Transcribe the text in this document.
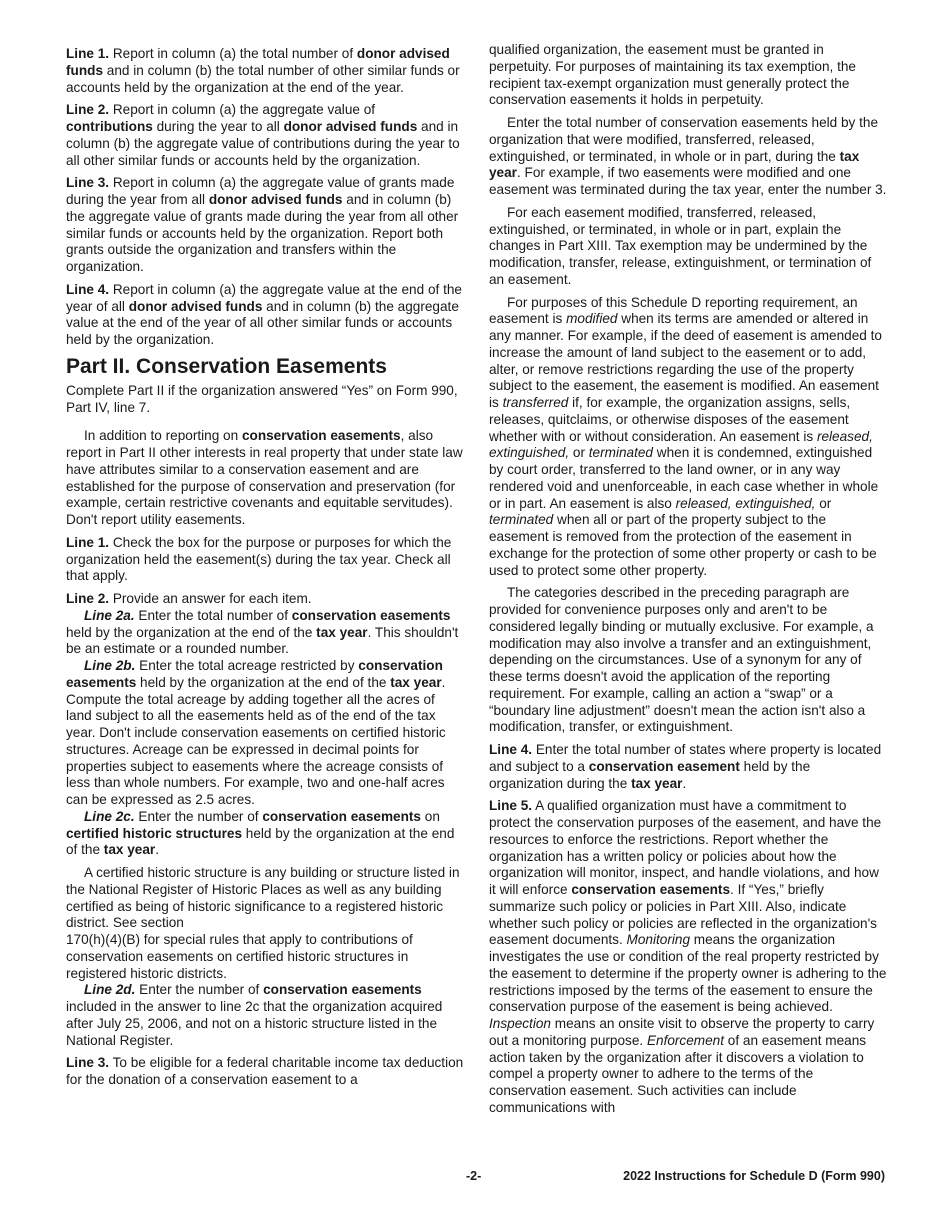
Line 1. Report in column (a) the total number of donor advised funds and in column (b) the total number of other similar funds or accounts held by the organization at the end of the year.

Line 2. Report in column (a) the aggregate value of contributions during the year to all donor advised funds and in column (b) the aggregate value of contributions during the year to all other similar funds or accounts held by the organization.

Line 3. Report in column (a) the aggregate value of grants made during the year from all donor advised funds and in column (b) the aggregate value of grants made during the year from all other similar funds or accounts held by the organization. Report both grants outside the organization and transfers within the organization.

Line 4. Report in column (a) the aggregate value at the end of the year of all donor advised funds and in column (b) the aggregate value at the end of the year of all other similar funds or accounts held by the organization.

Part II. Conservation Easements

Complete Part II if the organization answered “Yes” on Form 990, Part IV, line 7.

In addition to reporting on conservation easements, also report in Part II other interests in real property that under state law have attributes similar to a conservation easement and are established for the purpose of conservation and preservation (for example, certain restrictive covenants and equitable servitudes). Don't report utility easements.

Line 1. Check the box for the purpose or purposes for which the organization held the easement(s) during the tax year. Check all that apply.

Line 2. Provide an answer for each item.

Line 2a. Enter the total number of conservation easements held by the organization at the end of the tax year. This shouldn't be an estimate or a rounded number.

Line 2b. Enter the total acreage restricted by conservation easements held by the organization at the end of the tax year. Compute the total acreage by adding together all the acres of land subject to all the easements held as of the end of the tax year. Don't include conservation easements on certified historic structures. Acreage can be expressed in decimal points for properties subject to easements where the acreage consists of less than whole numbers. For example, two and one-half acres can be expressed as 2.5 acres.

Line 2c. Enter the number of conservation easements on certified historic structures held by the organization at the end of the tax year.

A certified historic structure is any building or structure listed in the National Register of Historic Places as well as any building certified as being of historic significance to a registered historic district. See section
170(h)(4)(B) for special rules that apply to contributions of conservation easements on certified historic structures in registered historic districts.

Line 2d. Enter the number of conservation easements included in the answer to line 2c that the organization acquired after July 25, 2006, and not on a historic structure listed in the National Register.

Line 3. To be eligible for a federal charitable income tax deduction for the donation of a conservation easement to a

qualified organization, the easement must be granted in perpetuity. For purposes of maintaining its tax exemption, the recipient tax-exempt organization must generally protect the conservation easements it holds in perpetuity.

Enter the total number of conservation easements held by the organization that were modified, transferred, released, extinguished, or terminated, in whole or in part, during the tax year. For example, if two easements were modified and one easement was terminated during the tax year, enter the number 3.

For each easement modified, transferred, released, extinguished, or terminated, in whole or in part, explain the changes in Part XIII. Tax exemption may be undermined by the modification, transfer, release, extinguishment, or termination of an easement.

For purposes of this Schedule D reporting requirement, an easement is modified when its terms are amended or altered in any manner. For example, if the deed of easement is amended to increase the amount of land subject to the easement or to add, alter, or remove restrictions regarding the use of the property subject to the easement, the easement is modified. An easement is transferred if, for example, the organization assigns, sells, releases, quitclaims, or otherwise disposes of the easement whether with or without consideration. An easement is released, extinguished, or terminated when it is condemned, extinguished by court order, transferred to the land owner, or in any way rendered void and unenforceable, in each case whether in whole or in part. An easement is also released, extinguished, or terminated when all or part of the property subject to the easement is removed from the protection of the easement in exchange for the protection of some other property or cash to be used to protect some other property.

The categories described in the preceding paragraph are provided for convenience purposes only and aren't to be considered legally binding or mutually exclusive. For example, a modification may also involve a transfer and an extinguishment, depending on the circumstances. Use of a synonym for any of these terms doesn't avoid the application of the reporting requirement. For example, calling an action a “swap” or a “boundary line adjustment” doesn't mean the action isn't also a modification, transfer, or extinguishment.

Line 4. Enter the total number of states where property is located and subject to a conservation easement held by the organization during the tax year.

Line 5. A qualified organization must have a commitment to protect the conservation purposes of the easement, and have the resources to enforce the restrictions. Report whether the organization has a written policy or policies about how the organization will monitor, inspect, and handle violations, and how it will enforce conservation easements. If “Yes,” briefly summarize such policy or policies in Part XIII. Also, indicate whether such policy or policies are reflected in the organization's easement documents. Monitoring means the organization investigates the use or condition of the real property restricted by the easement to determine if the property owner is adhering to the restrictions imposed by the terms of the easement to ensure the conservation purpose of the easement is being achieved. Inspection means an onsite visit to observe the property to carry out a monitoring purpose. Enforcement of an easement means action taken by the organization after it discovers a violation to compel a property owner to adhere to the terms of the conservation easement. Such activities can include communications with

-2-	2022 Instructions for Schedule D (Form 990)
